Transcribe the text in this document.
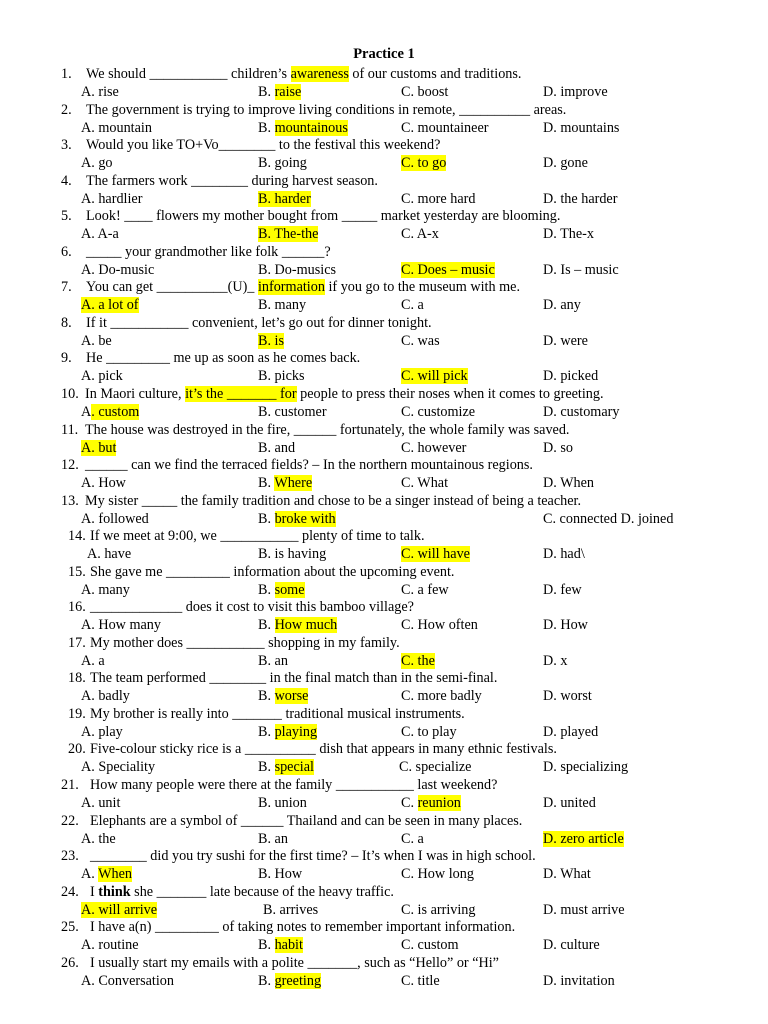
Practice 1
1. We should ___________ children’s awareness of our customs and traditions.
A. rise	B. raise	C. boost	D. improve
2. The government is trying to improve living conditions in remote, __________ areas.
A. mountain	B. mountainous	C. mountaineer	D. mountains
3. Would you like TO+Vo________ to the festival this weekend?
A. go	B. going	C. to go	D. gone
4. The farmers work ________ during harvest season.
A. hardlier	B. harder	C. more hard	D. the harder
5. Look! ____ flowers my mother bought from _____ market yesterday are blooming.
A. A-a	B. The-the	C. A-x	D. The-x
6. _____ your grandmother like folk ______?
A. Do-music	B. Do-musics	C. Does – music	D. Is – music
7. You can get __________(U)_ information if you go to the museum with me.
A. a lot of	B. many	C. a	D. any
8. If it ___________ convenient, let’s go out for dinner tonight.
A. be	B. is	C. was	D. were
9. He _________ me up as soon as he comes back.
A. pick	B. picks	C. will pick	D. picked
10. In Maori culture, it’s the _______ for people to press their noses when it comes to greeting.
A. custom	B. customer	C. customize	D. customary
11. The house was destroyed in the fire, ______ fortunately, the whole family was saved.
A. but	B. and	C. however	D. so
12. ______ can we find the terraced fields? – In the northern mountainous regions.
A. How	B. Where	C. What	D. When
13. My sister _____ the family tradition and chose to be a singer instead of being a teacher.
A. followed	B. broke with	C. connected D. joined
14. If we meet at 9:00, we ___________ plenty of time to talk.
A. have	B. is having	C. will have	D. had\
15. She gave me _________ information about the upcoming event.
A. many	B. some	C. a few	D. few
16. _____________ does it cost to visit this bamboo village?
A. How many	B. How much	C. How often	D. How
17. My mother does ___________ shopping in my family.
A. a	B. an	C. the	D. x
18. The team performed ________ in the final match than in the semi-final.
A. badly	B. worse	C. more badly	D. worst
19. My brother is really into _______ traditional musical instruments.
A. play	B. playing	C. to play	D. played
20. Five-colour sticky rice is a __________ dish that appears in many ethnic festivals.
A. Speciality	B. special	C. specialize	D. specializing
21. How many people were there at the family ___________ last weekend?
A. unit	B. union	C. reunion	D. united
22. Elephants are a symbol of ______ Thailand and can be seen in many places.
A. the	B. an	C. a	D. zero article
23. ________ did you try sushi for the first time? – It’s when I was in high school.
A. When	B. How	C. How long	D. What
24. I think she _______ late because of the heavy traffic.
A. will arrive	B. arrives	C. is arriving	D. must arrive
25. I have a(n) _________ of taking notes to remember important information.
A. routine	B. habit	C. custom	D. culture
26. I usually start my emails with a polite _______, such as “Hello” or “Hi”
A. Conversation	B. greeting	C. title	D. invitation
